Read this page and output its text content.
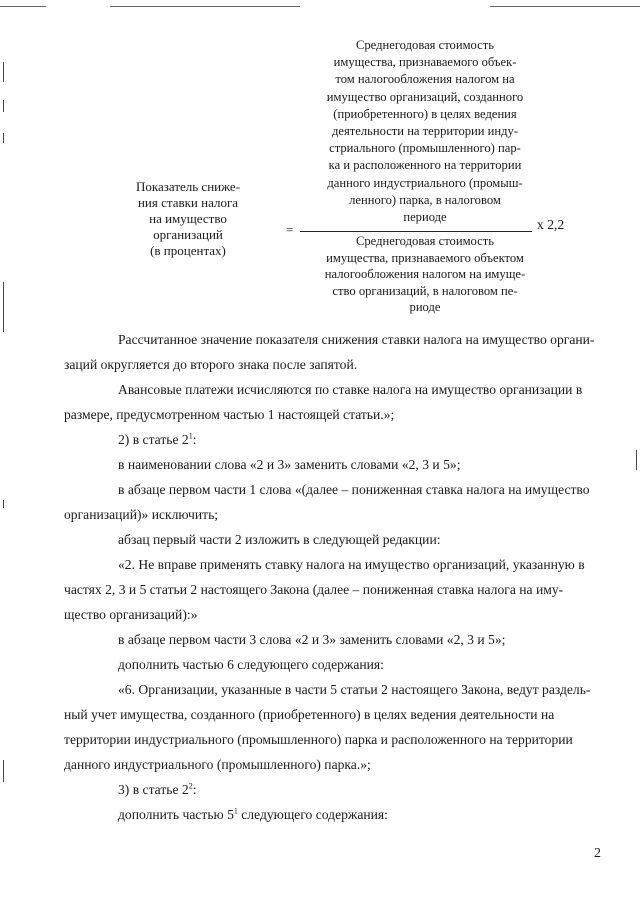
Показатель сниже-
ния ставки налога
на имущество
организаций
(в процентах)
Среднегодовая стоимость
имущества, признаваемого объек-
том налогообложения налогом на
имущество организаций, созданного
(приобретенного) в целях ведения
деятельности на территории инду-
стриального (промышленного) пар-
ка и расположенного на территории
данного индустриального (промыш-
ленного) парка, в налоговом
периоде
=	х 2,2
Среднегодовая стоимость
имущества, признаваемого объектом
налогообложения налогом на имуще-
ство организаций, в налоговом пе-
риоде
Рассчитанное значение показателя снижения ставки налога на имущество органи-
заций округляется до второго знака после запятой.
Авансовые платежи исчисляются по ставке налога на имущество организации в
размере, предусмотренном частью 1 настоящей статьи.»;
2) в статье $2^1$:
в наименовании слова «2 и 3» заменить словами «2, 3 и 5»;
в абзаце первом части 1 слова «(далее – пониженная ставка налога на имущество
организаций)» исключить;
абзац первый части 2 изложить в следующей редакции:
«2. Не вправе применять ставку налога на имущество организаций, указанную в
частях 2, 3 и 5 статьи 2 настоящего Закона (далее – пониженная ставка налога на иму-
щество организаций):»
в абзаце первом части 3 слова «2 и 3» заменить словами «2, 3 и 5»;
дополнить частью 6 следующего содержания:
«6. Организации, указанные в части 5 статьи 2 настоящего Закона, ведут раздель-
ный учет имущества, созданного (приобретенного) в целях ведения деятельности на
территории индустриального (промышленного) парка и расположенного на территории
данного индустриального (промышленного) парка.»;
3) в статье $2^2$:
дополнить частью $5^1$ следующего содержания:
2
